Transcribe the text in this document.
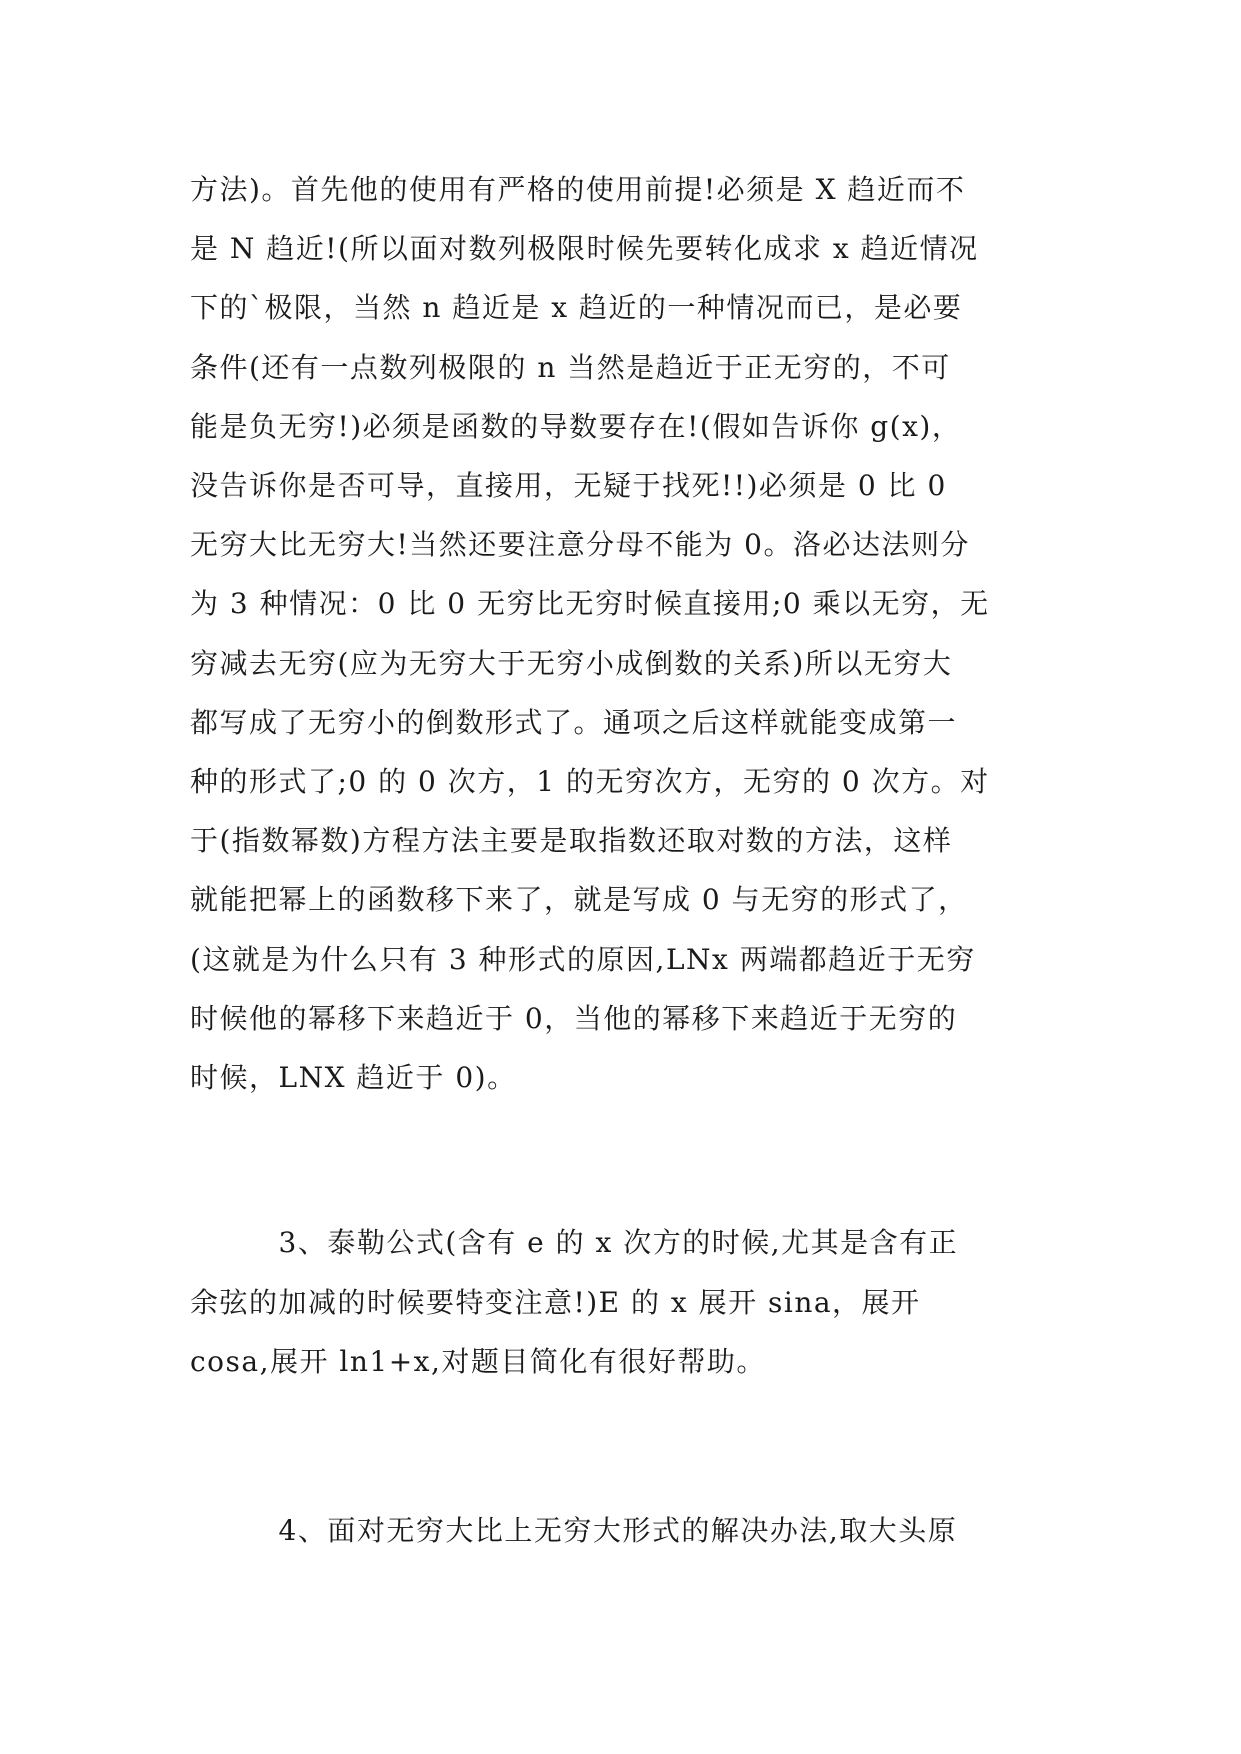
方法)。首先他的使用有严格的使用前提!必须是 X 趋近而不
是 N 趋近!(所以面对数列极限时候先要转化成求 x 趋近情况
下的`极限，当然 n 趋近是 x 趋近的一种情况而已，是必要
条件(还有一点数列极限的 n 当然是趋近于正无穷的，不可
能是负无穷!)必须是函数的导数要存在!(假如告诉你 g(x)，
没告诉你是否可导，直接用，无疑于找死!!)必须是 0 比 0
无穷大比无穷大!当然还要注意分母不能为 0。洛必达法则分
为 3 种情况：0 比 0 无穷比无穷时候直接用;0 乘以无穷，无
穷减去无穷(应为无穷大于无穷小成倒数的关系)所以无穷大
都写成了无穷小的倒数形式了。通项之后这样就能变成第一
种的形式了;0 的 0 次方，1 的无穷次方，无穷的 0 次方。对
于(指数幂数)方程方法主要是取指数还取对数的方法，这样
就能把幂上的函数移下来了，就是写成 0 与无穷的形式了，
(这就是为什么只有 3 种形式的原因,LNx 两端都趋近于无穷
时候他的幂移下来趋近于 0，当他的幂移下来趋近于无穷的
时候，LNX 趋近于 0)。
　　　3、泰勒公式(含有 e 的 x 次方的时候,尤其是含有正
余弦的加减的时候要特变注意!)E 的 x 展开 sina，展开
cosa,展开 ln1+x,对题目简化有很好帮助。
　　　4、面对无穷大比上无穷大形式的解决办法,取大头原
